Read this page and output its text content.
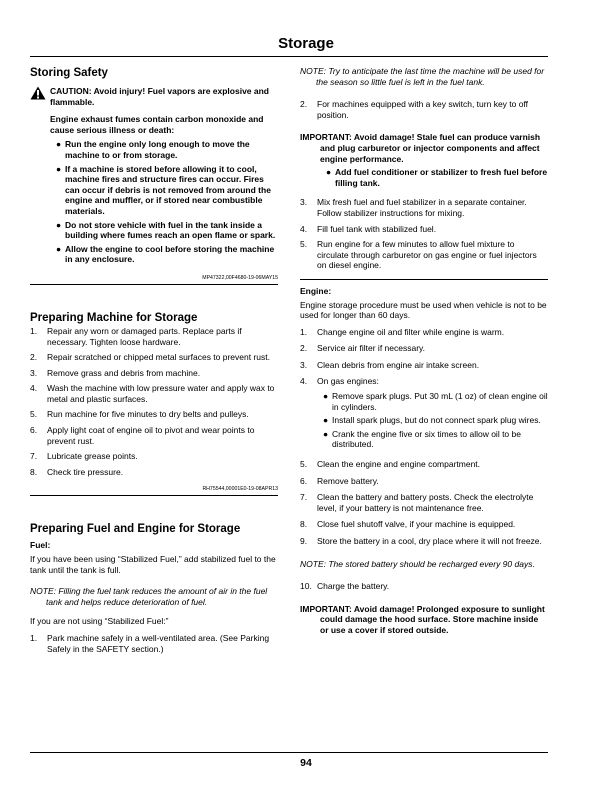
Storage
Storing Safety

CAUTION: Avoid injury! Fuel vapors are explosive and flammable.

Engine exhaust fumes contain carbon monoxide and cause serious illness or death:

● Run the engine only long enough to move the machine to or from storage.
● If a machine is stored before allowing it to cool, machine fires and structure fires can occur. Fires can occur if debris is not removed from around the engine and muffler, or if stored near combustible materials.
● Do not store vehicle with fuel in the tank inside a building where fumes reach an open flame or spark.
● Allow the engine to cool before storing the machine in any enclosure.

MP47322,00F4680-19-06MAY15

Preparing Machine for Storage
1. Repair any worn or damaged parts. Replace parts if necessary. Tighten loose hardware.
2. Repair scratched or chipped metal surfaces to prevent rust.
3. Remove grass and debris from machine.
4. Wash the machine with low pressure water and apply wax to metal and plastic surfaces.
5. Run machine for five minutes to dry belts and pulleys.
6. Apply light coat of engine oil to pivot and wear points to prevent rust.
7. Lubricate grease points.
8. Check tire pressure.

RH75544,00001E0-19-08APR13

Preparing Fuel and Engine for Storage

Fuel:

If you have been using “Stabilized Fuel,” add stabilized fuel to the tank until the tank is full.

NOTE: Filling the fuel tank reduces the amount of air in the fuel tank and helps reduce deterioration of fuel.

If you are not using “Stabilized Fuel:”

1. Park machine safely in a well-ventilated area. (See Parking Safely in the SAFETY section.)

NOTE: Try to anticipate the last time the machine will be used for the season so little fuel is left in the fuel tank.

2. For machines equipped with a key switch, turn key to off position.

IMPORTANT: Avoid damage! Stale fuel can produce varnish and plug carburetor or injector components and affect engine performance.

● Add fuel conditioner or stabilizer to fresh fuel before filling tank.
3. Mix fresh fuel and fuel stabilizer in a separate container. Follow stabilizer instructions for mixing.
4. Fill fuel tank with stabilized fuel.
5. Run engine for a few minutes to allow fuel mixture to circulate through carburetor on gas engine or fuel injectors on diesel engine.

Engine:

Engine storage procedure must be used when vehicle is not to be used for longer than 60 days.

1. Change engine oil and filter while engine is warm.
2. Service air filter if necessary.
3. Clean debris from engine air intake screen.
4. On gas engines:
● Remove spark plugs. Put 30 mL (1 oz) of clean engine oil in cylinders.
● Install spark plugs, but do not connect spark plug wires.
● Crank the engine five or six times to allow oil to be distributed.
5. Clean the engine and engine compartment.
6. Remove battery.
7. Clean the battery and battery posts. Check the electrolyte level, if your battery is not maintenance free.
8. Close fuel shutoff valve, if your machine is equipped.
9. Store the battery in a cool, dry place where it will not freeze.

NOTE: The stored battery should be recharged every 90 days.

10. Charge the battery.

IMPORTANT: Avoid damage! Prolonged exposure to sunlight could damage the hood surface. Store machine inside or use a cover if stored outside.

94
